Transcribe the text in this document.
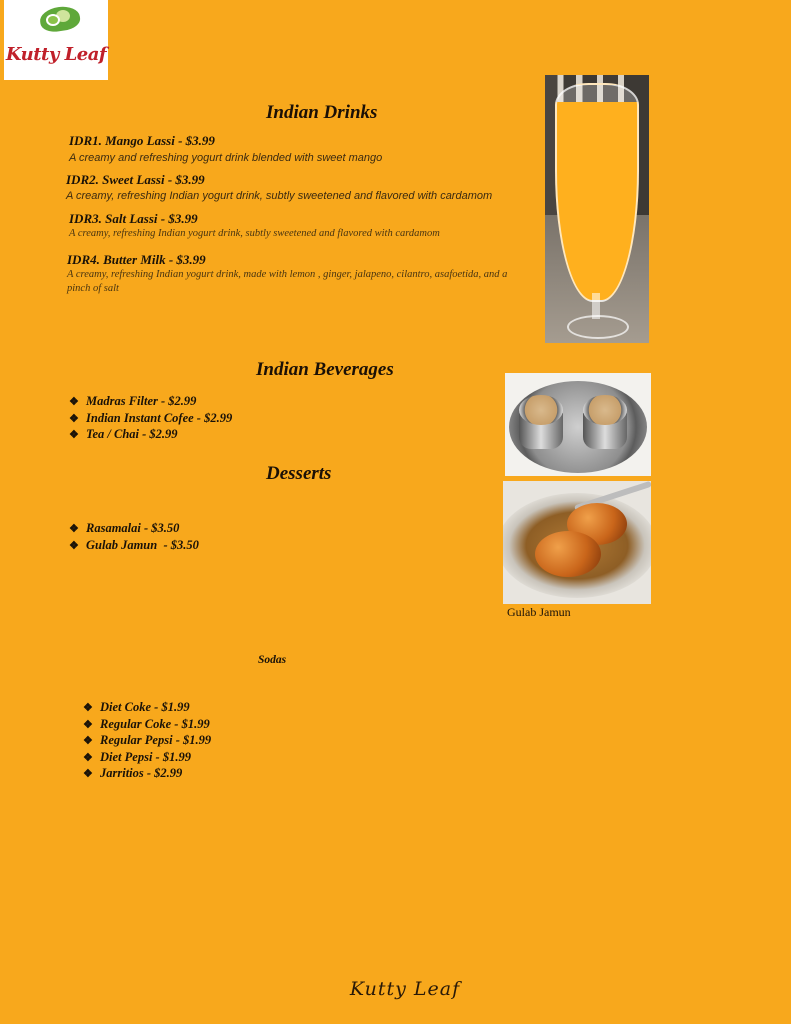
Kutty Leaf
Indian Drinks
IDR1. Mango Lassi - $3.99
A creamy and refreshing yogurt drink blended with sweet mango
IDR2. Sweet Lassi - $3.99
A creamy, refreshing Indian yogurt drink, subtly sweetened and flavored with cardamom
IDR3. Salt Lassi - $3.99
A creamy, refreshing Indian yogurt drink, subtly sweetened and flavored with cardamom
IDR4. Butter Milk - $3.99
A creamy, refreshing Indian yogurt drink, made with lemon , ginger, jalapeno, cilantro, asafoetida, and a pinch of salt
Indian Beverages
❖ Madras Filter - $2.99
❖ Indian Instant Cofee - $2.99
❖ Tea / Chai - $2.99
Desserts
❖ Rasamalai - $3.50
❖ Gulab Jamun  - $3.50
Gulab Jamun
Sodas
❖ Diet Coke - $1.99
❖ Regular Coke - $1.99
❖ Regular Pepsi - $1.99
❖ Diet Pepsi - $1.99
❖ Jarritios - $2.99
Kutty Leaf
